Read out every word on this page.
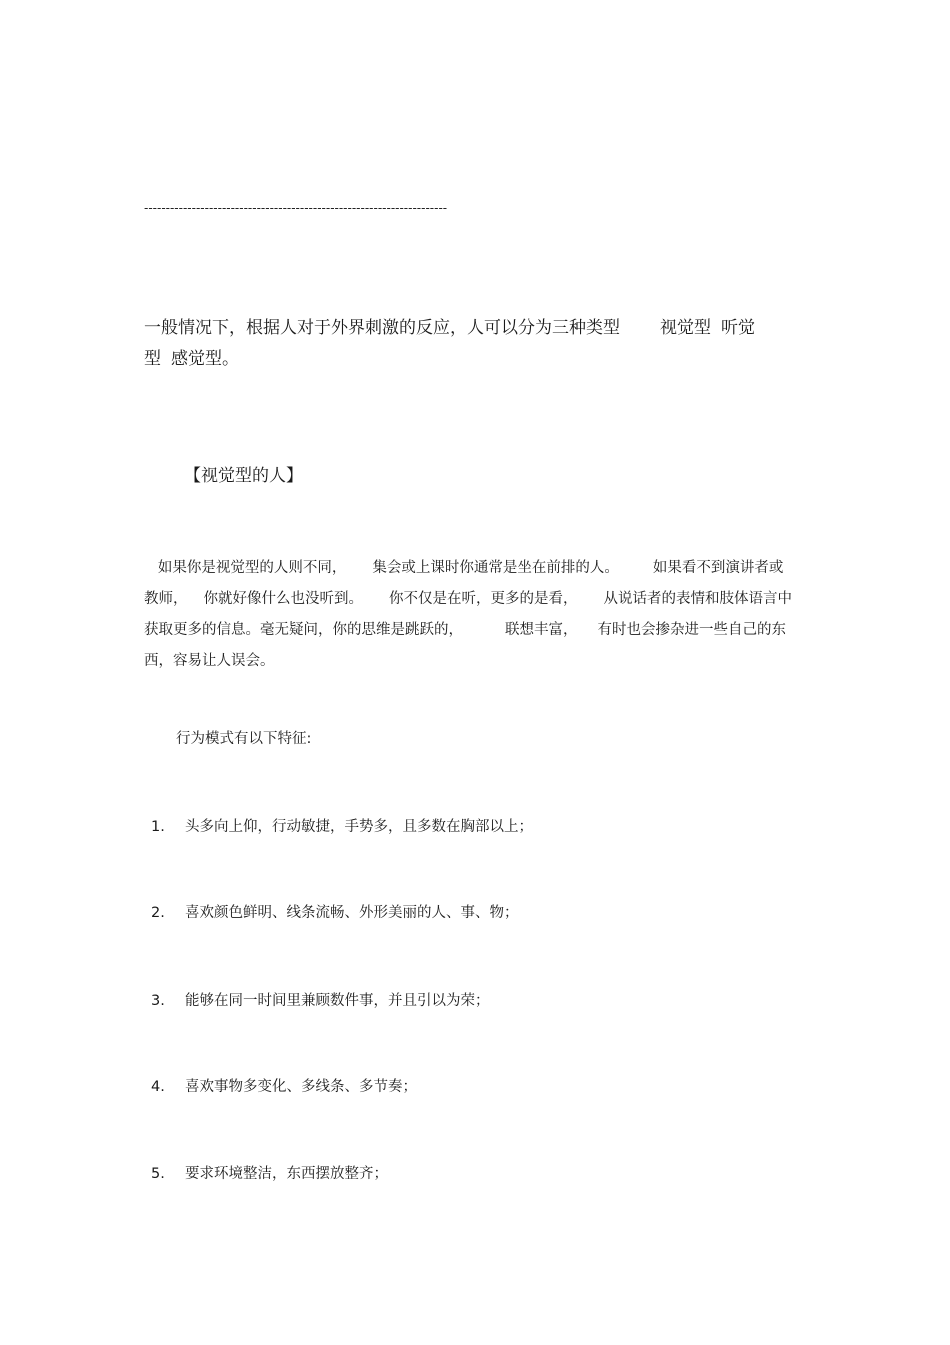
----------------------------------------------------------------------
一般情况下，根据人对于外界刺激的反应，人可以分为三种类型 视觉型 听觉
型 感觉型。
【视觉型的人】
如果你是视觉型的人则不同， 集会或上课时你通常是坐在前排的人。 如果看不到演讲者或
教师， 你就好像什么也没听到。 你不仅是在听，更多的是看， 从说话者的表情和肢体语言中
获取更多的信息。毫无疑问，你的思维是跳跃的，	联想丰富， 有时也会掺杂进一些自己的东
西，容易让人误会。
行为模式有以下特征:
1. 头多向上仰，行动敏捷，手势多，且多数在胸部以上；
2. 喜欢颜色鲜明、线条流畅、外形美丽的人、事、物；
3. 能够在同一时间里兼顾数件事，并且引以为荣；
4. 喜欢事物多变化、多线条、多节奏；
5. 要求环境整洁，东西摆放整齐；
